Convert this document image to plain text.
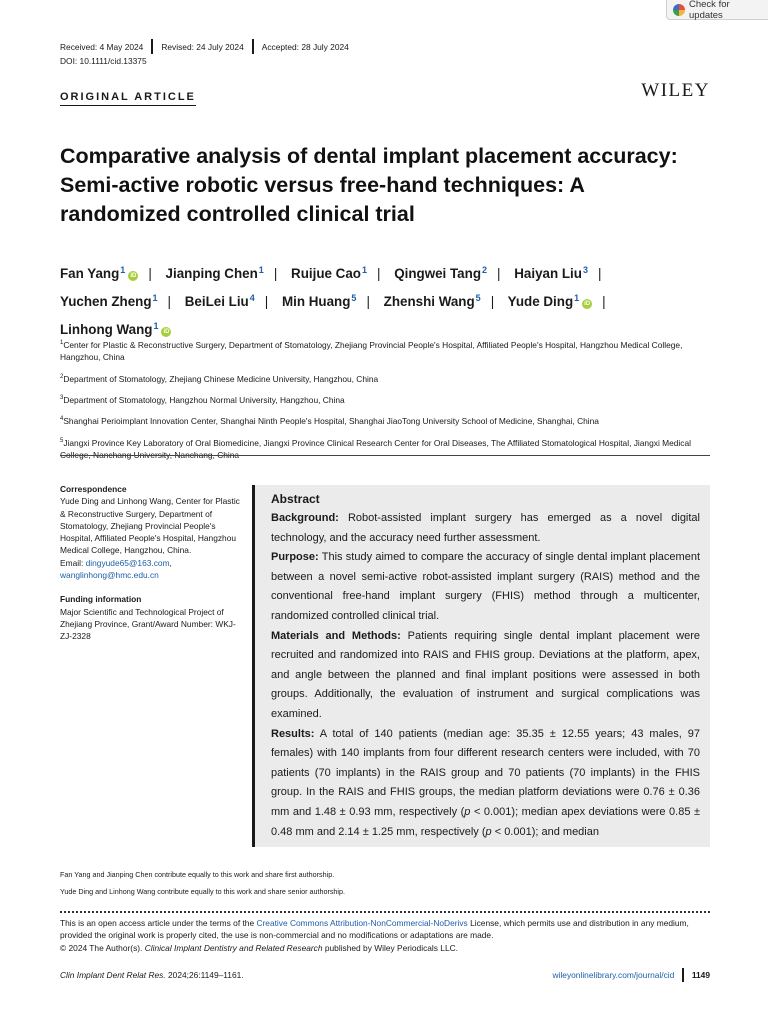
Check for updates
Received: 4 May 2024 Revised: 24 July 2024 Accepted: 28 July 2024
DOI: 10.1111/cid.13375
ORIGINAL ARTICLE	WILEY
Comparative analysis of dental implant placement accuracy: Semi-active robotic versus free-hand techniques: A randomized controlled clinical trial
Fan Yang$^1$iD | Jianping Chen$^1$ | Ruijue Cao$^1$ | Qingwei Tang$^2$ | Haiyan Liu$^3$ |
Yuchen Zheng$^1$ | BeiLei Liu$^4$ | Min Huang$^5$ | Zhenshi Wang$^5$ | Yude Ding$^1$iD |
Linhong Wang$^1$iD

$^1$Center for Plastic & Reconstructive Surgery, Department of Stomatology, Zhejiang Provincial People's Hospital, Affiliated People's Hospital, Hangzhou Medical College, Hangzhou, China

$^2$Department of Stomatology, Zhejiang Chinese Medicine University, Hangzhou, China

$^3$Department of Stomatology, Hangzhou Normal University, Hangzhou, China

$^4$Shanghai Perioimplant Innovation Center, Shanghai Ninth People's Hospital, Shanghai JiaoTong University School of Medicine, Shanghai, China

$^5$Jiangxi Province Key Laboratory of Oral Biomedicine, Jiangxi Province Clinical Research Center for Oral Diseases, The Affiliated Stomatological Hospital, Jiangxi Medical College, Nanchang University, Nanchang, China

Correspondence
Yude Ding and Linhong Wang, Center for Plastic & Reconstructive Surgery, Department of Stomatology, Zhejiang Provincial People's Hospital, Affiliated People's Hospital, Hangzhou Medical College, Hangzhou, China.
Email: dingyude65@163.com, wanglinhong@hmc.edu.cn
Funding information
Major Scientific and Technological Project of Zhejiang Province, Grant/Award Number: WKJ-ZJ-2328
Abstract
Background: Robot-assisted implant surgery has emerged as a novel digital technology, and the accuracy need further assessment.
Purpose: This study aimed to compare the accuracy of single dental implant placement between a novel semi-active robot-assisted implant surgery (RAIS) method and the conventional free-hand implant surgery (FHIS) method through a multicenter, randomized controlled clinical trial.
Materials and Methods: Patients requiring single dental implant placement were recruited and randomized into RAIS and FHIS group. Deviations at the platform, apex, and angle between the planned and final implant positions were assessed in both groups. Additionally, the evaluation of instrument and surgical complications was examined.
Results: A total of 140 patients (median age: 35.35 ± 12.55 years; 43 males, 97 females) with 140 implants from four different research centers were included, with 70 patients (70 implants) in the RAIS group and 70 patients (70 implants) in the FHIS group. In the RAIS and FHIS groups, the median platform deviations were 0.76 ± 0.36 mm and 1.48 ± 0.93 mm, respectively (p < 0.001); median apex deviations were 0.85 ± 0.48 mm and 2.14 ± 1.25 mm, respectively (p < 0.001); and median

Fan Yang and Jianping Chen contribute equally to this work and share first authorship.

Yude Ding and Linhong Wang contribute equally to this work and share senior authorship.

This is an open access article under the terms of the Creative Commons Attribution-NonCommercial-NoDerivs License, which permits use and distribution in any medium, provided the original work is properly cited, the use is non-commercial and no modifications or adaptations are made.
© 2024 The Author(s). Clinical Implant Dentistry and Related Research published by Wiley Periodicals LLC.
Clin Implant Dent Relat Res. 2024;26:1149–1161.	wileyonlinelibrary.com/journal/cid 1149
